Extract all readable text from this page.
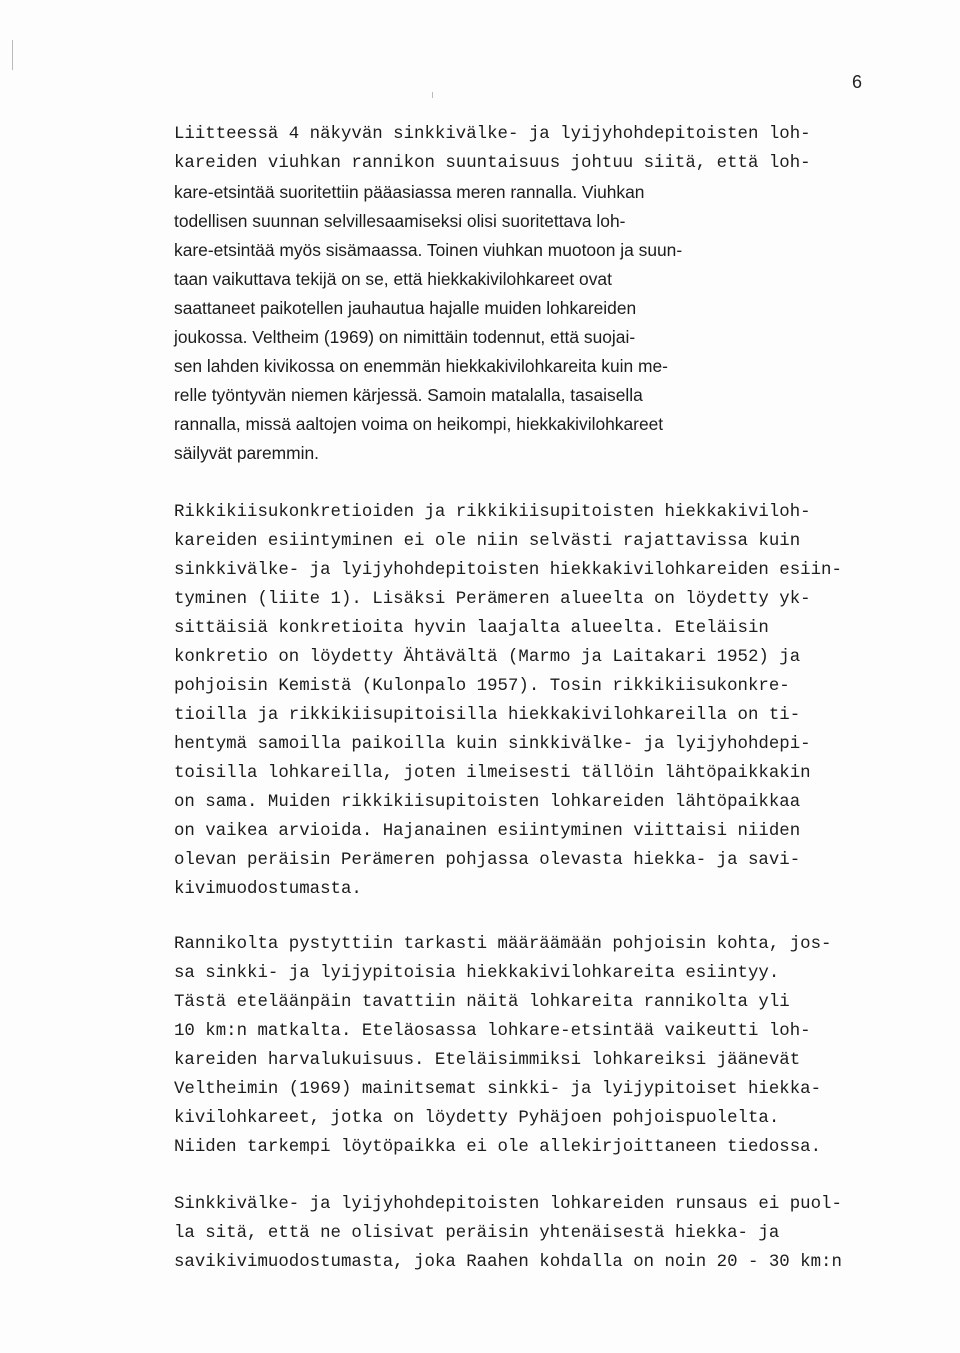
6
Liitteessä 4 näkyvän sinkkivälke- ja lyijyhohdepitoisten loh-
kareiden viuhkan rannikon suuntaisuus johtuu siitä, että loh-
kare-etsintää suoritettiin pääasiassa meren rannalla. Viuhkan
todellisen suunnan selvillesaamiseksi olisi suoritettava loh-
kare-etsintää myös sisämaassa. Toinen viuhkan muotoon ja suun-
taan vaikuttava tekijä on se, että hiekkakivilohkareet ovat
saattaneet paikotellen jauhautua hajalle muiden lohkareiden
joukossa. Veltheim (1969) on nimittäin todennut, että suojai-
sen lahden kivikossa on enemmän hiekkakivilohkareita kuin me-
relle työntyvän niemen kärjessä. Samoin matalalla, tasaisella
rannalla, missä aaltojen voima on heikompi, hiekkakivilohkareet
säilyvät paremmin.
Rikkikiisukonkretioiden ja rikkikiisupitoisten hiekkakiviloh-
kareiden esiintyminen ei ole niin selvästi rajattavissa kuin
sinkkivälke- ja lyijyhohdepitoisten hiekkakivilohkareiden esiin-
tyminen (liite 1). Lisäksi Perämeren alueelta on löydetty yk-
sittäisiä konkretioita hyvin laajalta alueelta. Eteläisin
konkretio on löydetty Ähtävältä (Marmo ja Laitakari 1952) ja
pohjoisin Kemistä (Kulonpalo 1957). Tosin rikkikiisukonkre-
tioilla ja rikkikiisupitoisilla hiekkakivilohkareilla on ti-
hentymä samoilla paikoilla kuin sinkkivälke- ja lyijyhohdepi-
toisilla lohkareilla, joten ilmeisesti tällöin lähtöpaikkakin
on sama. Muiden rikkikiisupitoisten lohkareiden lähtöpaikkaa
on vaikea arvioida. Hajanainen esiintyminen viittaisi niiden
olevan peräisin Perämeren pohjassa olevasta hiekka- ja savi-
kivimuodostumasta.
Rannikolta pystyttiin tarkasti määräämään pohjoisin kohta, jos-
sa sinkki- ja lyijypitoisia hiekkakivilohkareita esiintyy.
Tästä eteläänpäin tavattiin näitä lohkareita rannikolta yli
10 km:n matkalta. Eteläosassa lohkare-etsintää vaikeutti loh-
kareiden harvalukuisuus. Eteläisimmiksi lohkareiksi jäänevät
Veltheimin (1969) mainitsemat sinkki- ja lyijypitoiset hiekka-
kivilohkareet, jotka on löydetty Pyhäjoen pohjoispuolelta.
Niiden tarkempi löytöpaikka ei ole allekirjoittaneen tiedossa.
Sinkkivälke- ja lyijyhohdepitoisten lohkareiden runsaus ei puol-
la sitä, että ne olisivat peräisin yhtenäisestä hiekka- ja
savikivimuodostumasta, joka Raahen kohdalla on noin 20 - 30 km:n
